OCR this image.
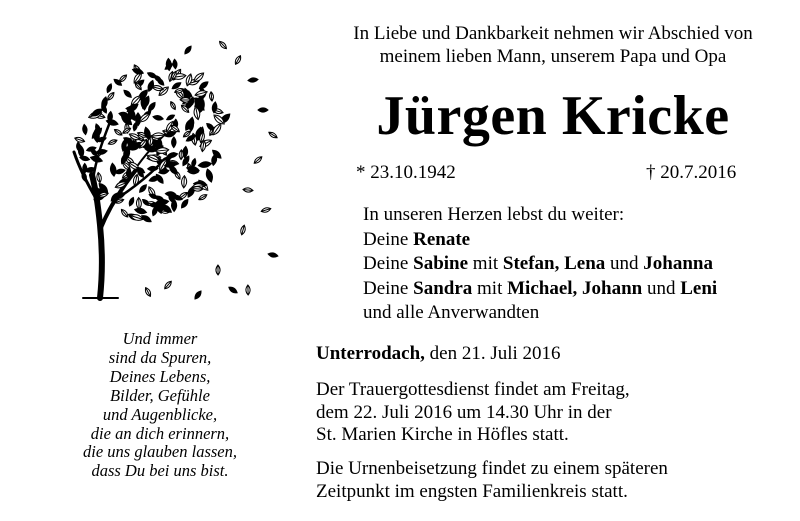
In Liebe und Dankbarkeit nehmen wir Abschied von
meinem lieben Mann, unserem Papa und Opa
Jürgen Kricke
* 23.10.1942	† 20.7.2016
In unseren Herzen lebst du weiter:
Deine Renate
Deine Sabine mit Stefan, Lena und Johanna
Deine Sandra mit Michael, Johann und Leni
und alle Anverwandten
Und immer
sind da Spuren,
Deines Lebens,
Bilder, Gefühle
und Augenblicke,
die an dich erinnern,
die uns glauben lassen,
dass Du bei uns bist.
Unterrodach, den 21. Juli 2016
Der Trauergottesdienst findet am Freitag,
dem 22. Juli 2016 um 14.30 Uhr in der
St. Marien Kirche in Höfles statt.
Die Urnenbeisetzung findet zu einem späteren
Zeitpunkt im engsten Familienkreis statt.
